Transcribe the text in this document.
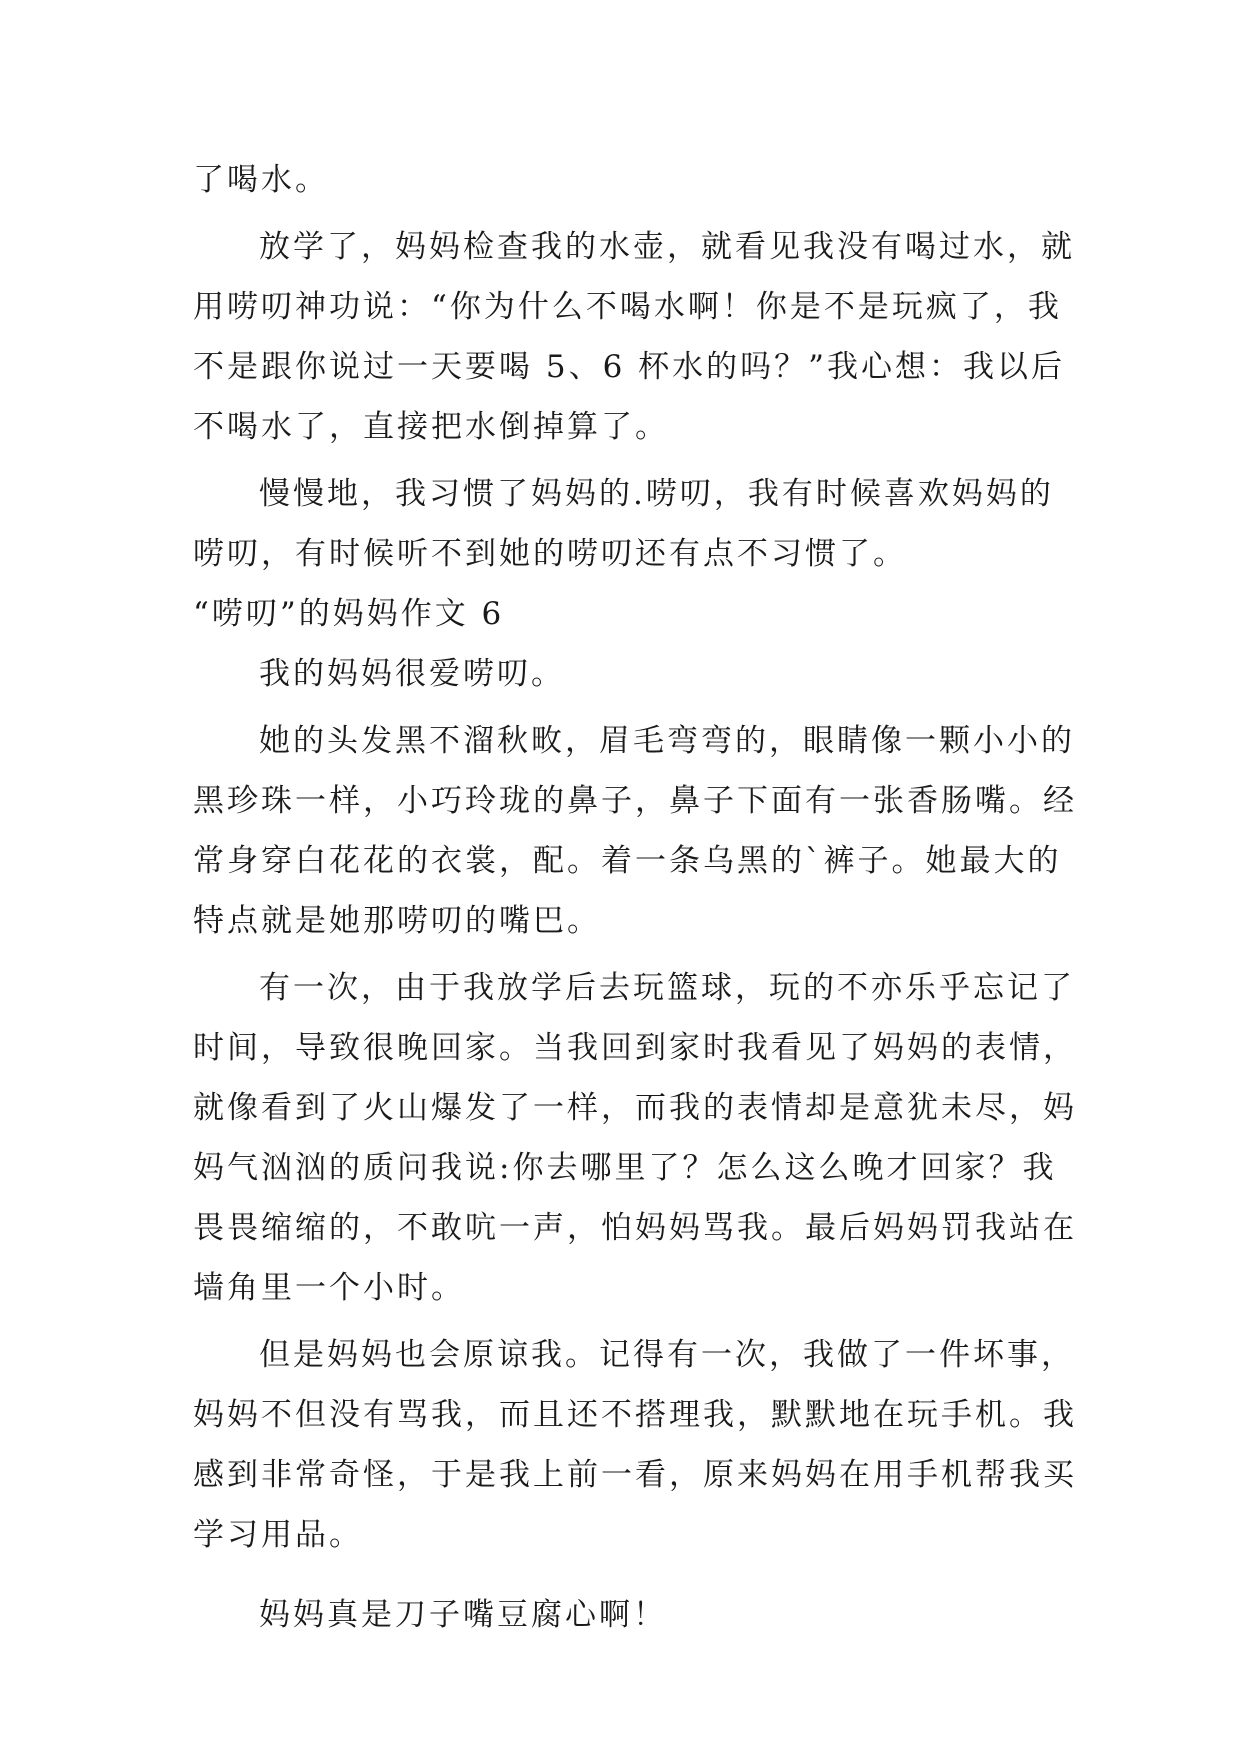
了喝水。
放学了，妈妈检查我的水壶，就看见我没有喝过水，就
用唠叨神功说：“你为什么不喝水啊！你是不是玩疯了，我
不是跟你说过一天要喝 5、6 杯水的吗？”我心想：我以后
不喝水了，直接把水倒掉算了。
慢慢地，我习惯了妈妈的.唠叨，我有时候喜欢妈妈的
唠叨，有时候听不到她的唠叨还有点不习惯了。
“唠叨”的妈妈作文 6
我的妈妈很爱唠叨。
她的头发黑不溜秋畋，眉毛弯弯的，眼睛像一颗小小的
黑珍珠一样，小巧玲珑的鼻子，鼻子下面有一张香肠嘴。经
常身穿白花花的衣裳，配。着一条乌黑的`裤子。她最大的
特点就是她那唠叨的嘴巴。
有一次，由于我放学后去玩篮球，玩的不亦乐乎忘记了
时间，导致很晚回家。当我回到家时我看见了妈妈的表情，
就像看到了火山爆发了一样，而我的表情却是意犹未尽，妈
妈气汹汹的质问我说:你去哪里了？怎么这么晚才回家？我
畏畏缩缩的，不敢吭一声，怕妈妈骂我。最后妈妈罚我站在
墙角里一个小时。
但是妈妈也会原谅我。记得有一次，我做了一件坏事，
妈妈不但没有骂我，而且还不搭理我，默默地在玩手机。我
感到非常奇怪，于是我上前一看，原来妈妈在用手机帮我买
学习用品。
妈妈真是刀子嘴豆腐心啊！
